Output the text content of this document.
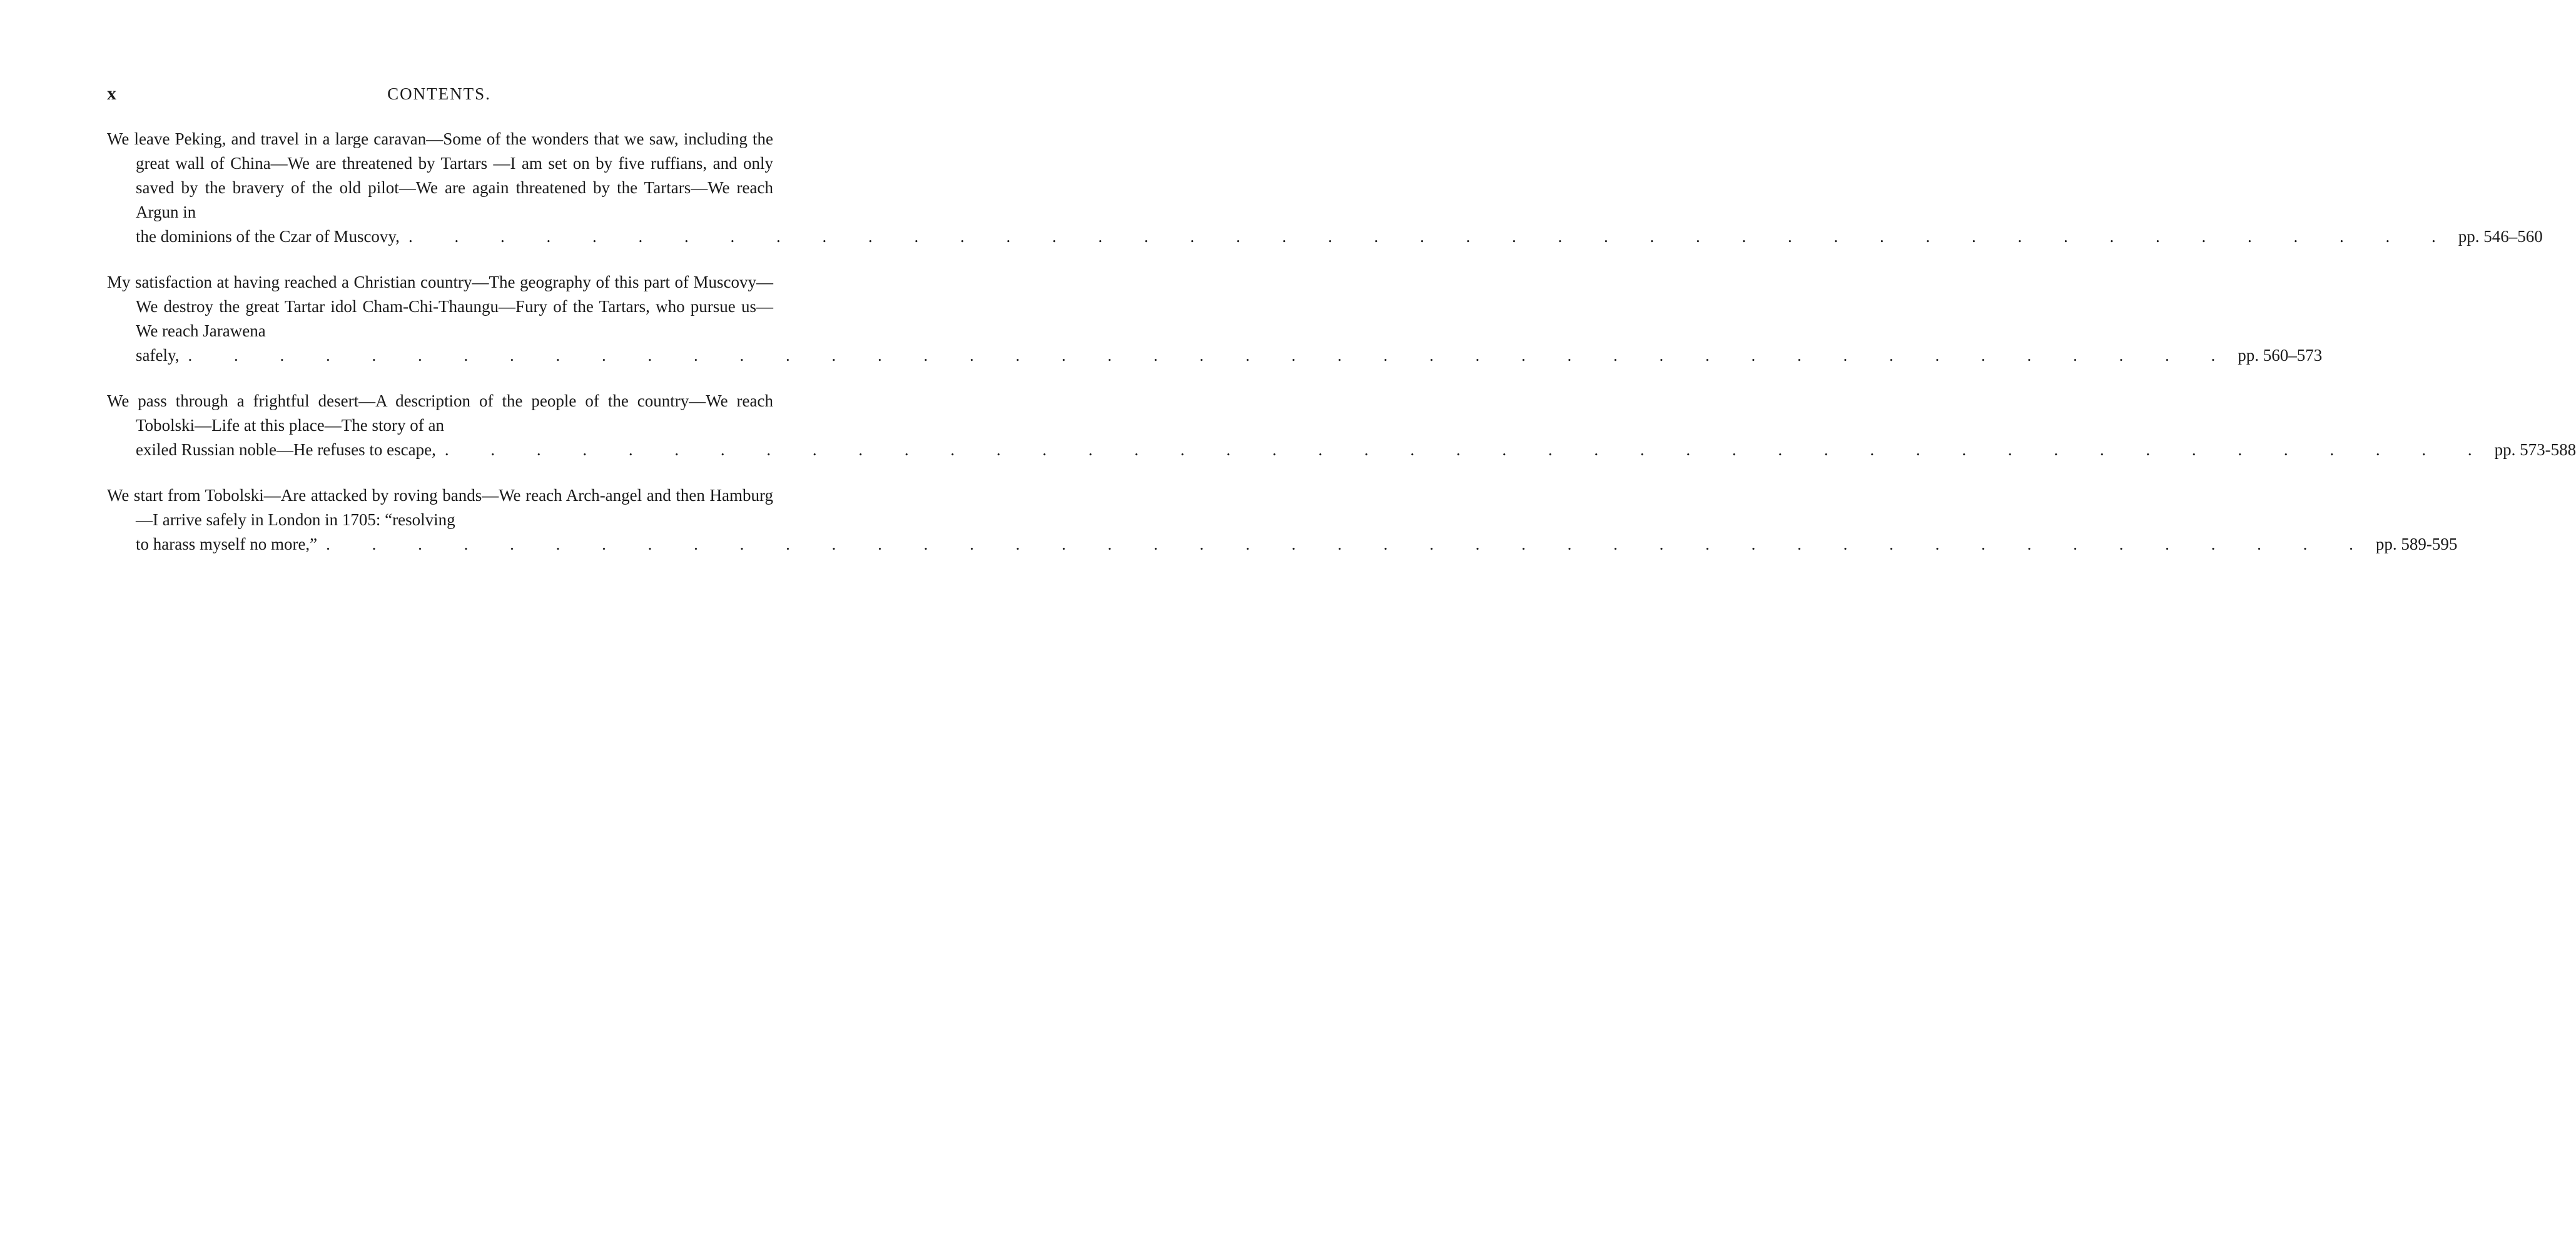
x	CONTENTS.
We leave Peking, and travel in a large caravan—Some of the wonders that we saw, including the great wall of China—We are threatened by Tartars —I am set on by five ruffians, and only saved by the bravery of the old pilot—We are again threatened by the Tartars—We reach Argun in
the dominions of the Czar of Muscovy, . . . . . . . . . . . . . . . . . . . . . . . . . . . . . . . . . . . . . . . . . . . . . pp. 546–560
My satisfaction at having reached a Christian country—The geography of this part of Muscovy—We destroy the great Tartar idol Cham-Chi-Thaungu—Fury of the Tartars, who pursue us—We reach Jarawena
safely, . . . . . . . . . . . . . . . . . . . . . . . . . . . . . . . . . . . . . . . . . . . . . pp. 560–573
We pass through a frightful desert—A description of the people of the country—We reach Tobolski—Life at this place—The story of an
exiled Russian noble—He refuses to escape, . . . . . . . . . . . . . . . . . . . . . . . . . . . . . . . . . . . . . . . . . . . . . pp. 573-588
We start from Tobolski—Are attacked by roving bands—We reach Arch-angel and then Hamburg—I arrive safely in London in 1705: “resolving
to harass myself no more,” . . . . . . . . . . . . . . . . . . . . . . . . . . . . . . . . . . . . . . . . . . . . . pp. 589-595
